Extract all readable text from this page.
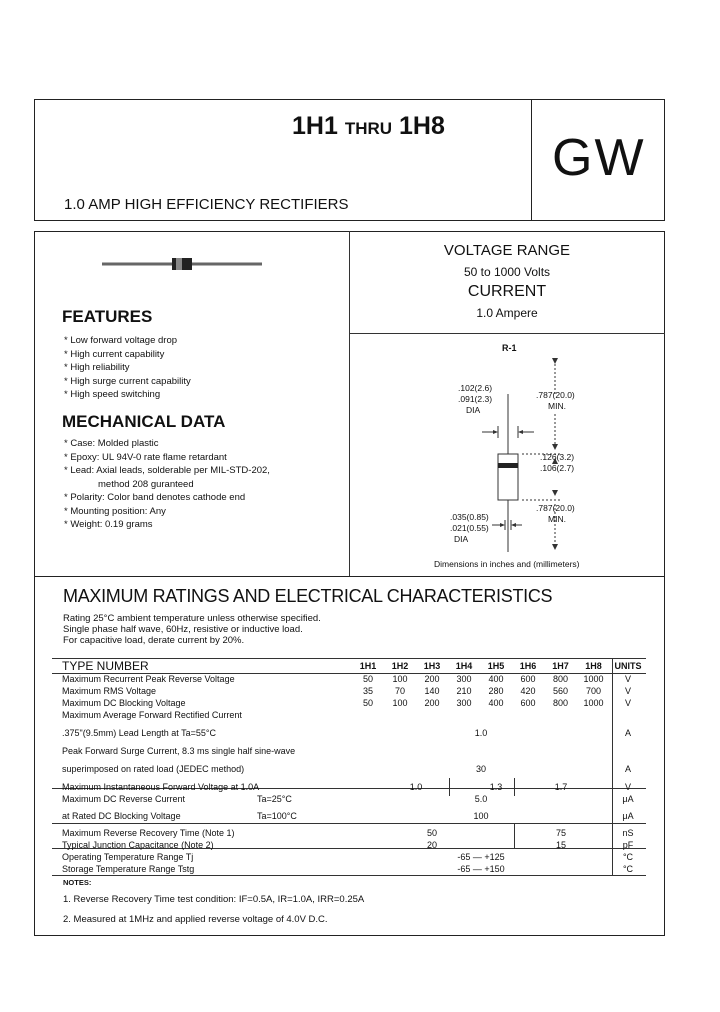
1H1 THRU 1H8
1.0 AMP HIGH EFFICIENCY RECTIFIERS
GW
VOLTAGE RANGE
50 to 1000 Volts
CURRENT
1.0 Ampere
FEATURES
* Low forward voltage drop
* High current capability
* High reliability
* High surge current capability
* High speed switching
MECHANICAL DATA
* Case: Molded plastic
* Epoxy: UL 94V-0 rate flame retardant
* Lead: Axial leads, solderable per MIL-STD-202,
method 208 guranteed
* Polarity: Color band denotes cathode end
* Mounting position: Any
* Weight: 0.19 grams
R-1
.102(2.6)
.091(2.3)
DIA
.787(20.0)
MIN.
.126(3.2)
.106(2.7)
.787(20.0)
MIN.
.035(0.85)
.021(0.55)
DIA
Dimensions in inches and (millimeters)
MAXIMUM RATINGS AND ELECTRICAL CHARACTERISTICS
Rating 25°C ambient temperature unless otherwise specified.
Single phase half wave, 60Hz, resistive or inductive load.
For capacitive load, derate current by 20%.
TYPE NUMBER	1H1	1H2	1H3	1H4	1H5	1H6	1H7	1H8	UNITS
Maximum Recurrent Peak Reverse Voltage	50	100	200	300	400	600	800	1000	V
Maximum RMS Voltage	35	70	140	210	280	420	560	700	V
Maximum DC Blocking Voltage	50	100	200	300	400	600	800	1000	V
Maximum Average Forward Rectified Current									
.375"(9.5mm) Lead Length at Ta=55°C	1.0								A
Peak Forward Surge Current, 8.3 ms single half sine-wave									
superimposed on rated load (JEDEC method)	30								A
Maximum Instantaneous Forward Voltage at 1.0A	1.0				1.3	1.7			V
Maximum DC Reverse Current Ta=25°C	5.0								μA
at Rated DC Blocking Voltage Ta=100°C	100								μA
Maximum Reverse Recovery Time (Note 1)	50					75			nS
Typical Junction Capacitance (Note 2)	20					15			pF
Operating Temperature Range Tj	-65 — +125								°C
Storage Temperature Range Tstg	-65 — +150								°C
NOTES:
1. Reverse Recovery Time test condition: IF=0.5A, IR=1.0A, IRR=0.25A
2. Measured at 1MHz and applied reverse voltage of 4.0V D.C.
